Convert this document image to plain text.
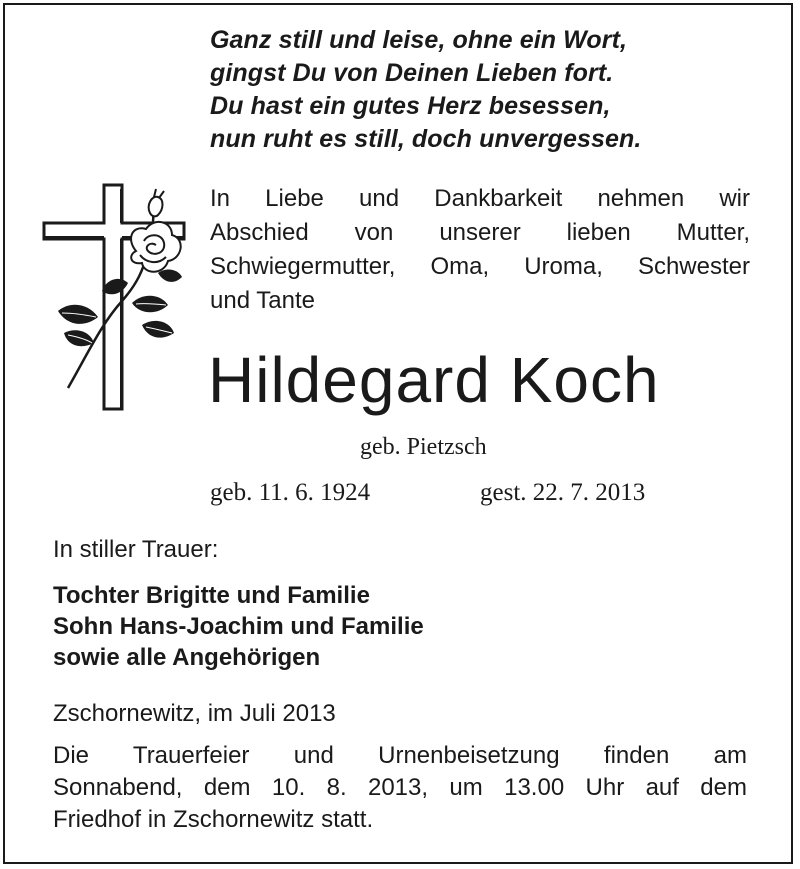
Ganz still und leise, ohne ein Wort,
gingst Du von Deinen Lieben fort.
Du hast ein gutes Herz besessen,
nun ruht es still, doch unvergessen.
In Liebe und Dankbarkeit nehmen wir
Abschied von unserer lieben Mutter,
Schwiegermutter, Oma, Uroma, Schwester
und Tante
Hildegard Koch
geb. Pietzsch
geb. 11. 6. 1924	gest. 22. 7. 2013
In stiller Trauer:
Tochter Brigitte und Familie
Sohn Hans-Joachim und Familie
sowie alle Angehörigen
Zschornewitz, im Juli 2013
Die Trauerfeier und Urnenbeisetzung finden am
Sonnabend, dem 10. 8. 2013, um 13.00 Uhr auf dem
Friedhof in Zschornewitz statt.
